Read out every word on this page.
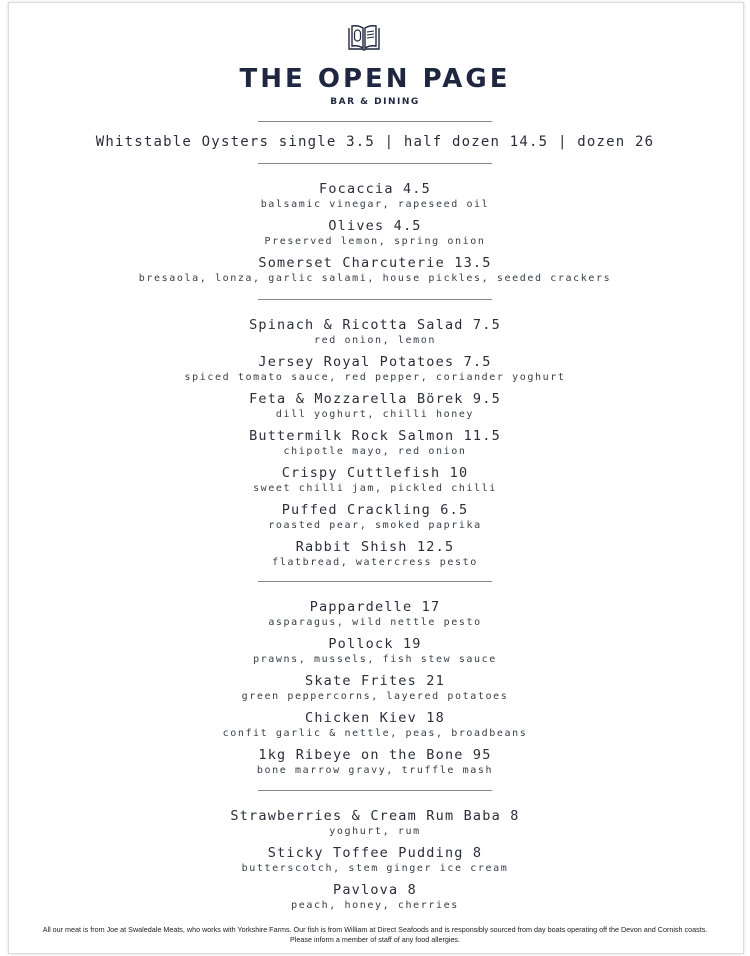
THE OPEN PAGE
BAR & DINING
Whitstable Oysters single 3.5 | half dozen 14.5 | dozen 26
Focaccia 4.5
balsamic vinegar, rapeseed oil
Olives 4.5
Preserved lemon, spring onion
Somerset Charcuterie 13.5
bresaola, lonza, garlic salami, house pickles, seeded crackers
Spinach & Ricotta Salad 7.5
red onion, lemon
Jersey Royal Potatoes 7.5
spiced tomato sauce, red pepper, coriander yoghurt
Feta & Mozzarella Börek 9.5
dill yoghurt, chilli honey
Buttermilk Rock Salmon 11.5
chipotle mayo, red onion
Crispy Cuttlefish 10
sweet chilli jam, pickled chilli
Puffed Crackling 6.5
roasted pear, smoked paprika
Rabbit Shish 12.5
flatbread, watercress pesto
Pappardelle 17
asparagus, wild nettle pesto
Pollock 19
prawns, mussels, fish stew sauce
Skate Frites 21
green peppercorns, layered potatoes
Chicken Kiev 18
confit garlic & nettle, peas, broadbeans
1kg Ribeye on the Bone 95
bone marrow gravy, truffle mash
Strawberries & Cream Rum Baba 8
yoghurt, rum
Sticky Toffee Pudding 8
butterscotch, stem ginger ice cream
Pavlova 8
peach, honey, cherries
All our meat is from Joe at Swaledale Meats, who works with Yorkshire Farms. Our fish is from William at Direct Seafoods and is responsibly sourced from day boats operating off the Devon and Cornish coasts. Please inform a member of staff of any food allergies.
